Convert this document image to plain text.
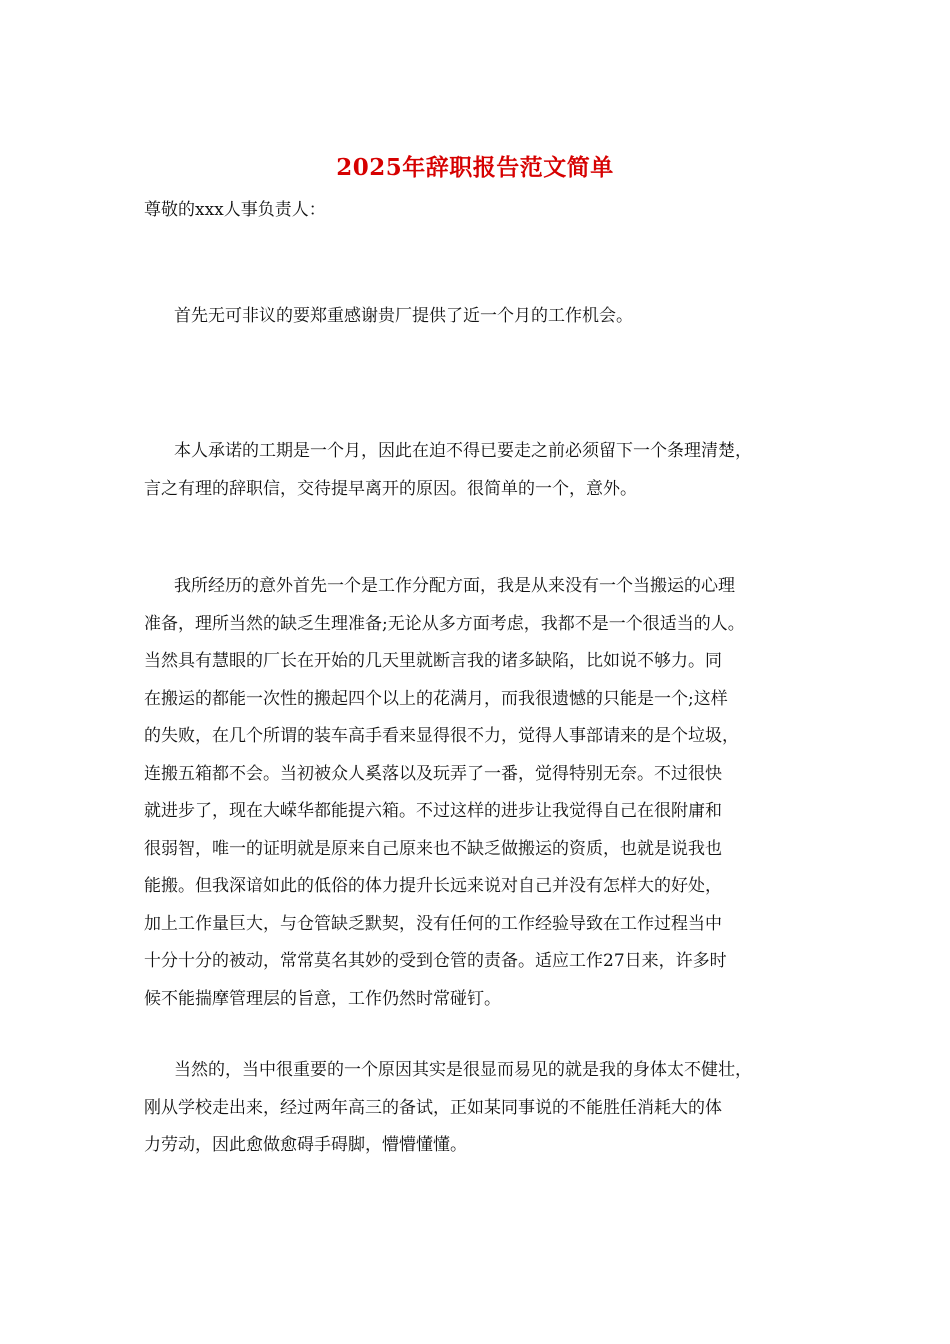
2025年辞职报告范文简单
尊敬的xxx人事负责人：
首先无可非议的要郑重感谢贵厂提供了近一个月的工作机会。
本人承诺的工期是一个月，因此在迫不得已要走之前必须留下一个条理清楚，
言之有理的辞职信，交待提早离开的原因。很简单的一个，意外。
我所经历的意外首先一个是工作分配方面，我是从来没有一个当搬运的心理
准备，理所当然的缺乏生理准备;无论从多方面考虑，我都不是一个很适当的人。
当然具有慧眼的厂长在开始的几天里就断言我的诸多缺陷，比如说不够力。同
在搬运的都能一次性的搬起四个以上的花满月，而我很遗憾的只能是一个;这样
的失败，在几个所谓的装车高手看来显得很不力，觉得人事部请来的是个垃圾，
连搬五箱都不会。当初被众人奚落以及玩弄了一番，觉得特别无奈。不过很快
就进步了，现在大嵘华都能提六箱。不过这样的进步让我觉得自己在很附庸和
很弱智，唯一的证明就是原来自己原来也不缺乏做搬运的资质，也就是说我也
能搬。但我深谙如此的低俗的体力提升长远来说对自己并没有怎样大的好处，
加上工作量巨大，与仓管缺乏默契，没有任何的工作经验导致在工作过程当中
十分十分的被动，常常莫名其妙的受到仓管的责备。适应工作27日来，许多时
候不能揣摩管理层的旨意，工作仍然时常碰钉。
当然的，当中很重要的一个原因其实是很显而易见的就是我的身体太不健壮，
刚从学校走出来，经过两年高三的备试，正如某同事说的不能胜任消耗大的体
力劳动，因此愈做愈碍手碍脚，懵懵懂懂。
